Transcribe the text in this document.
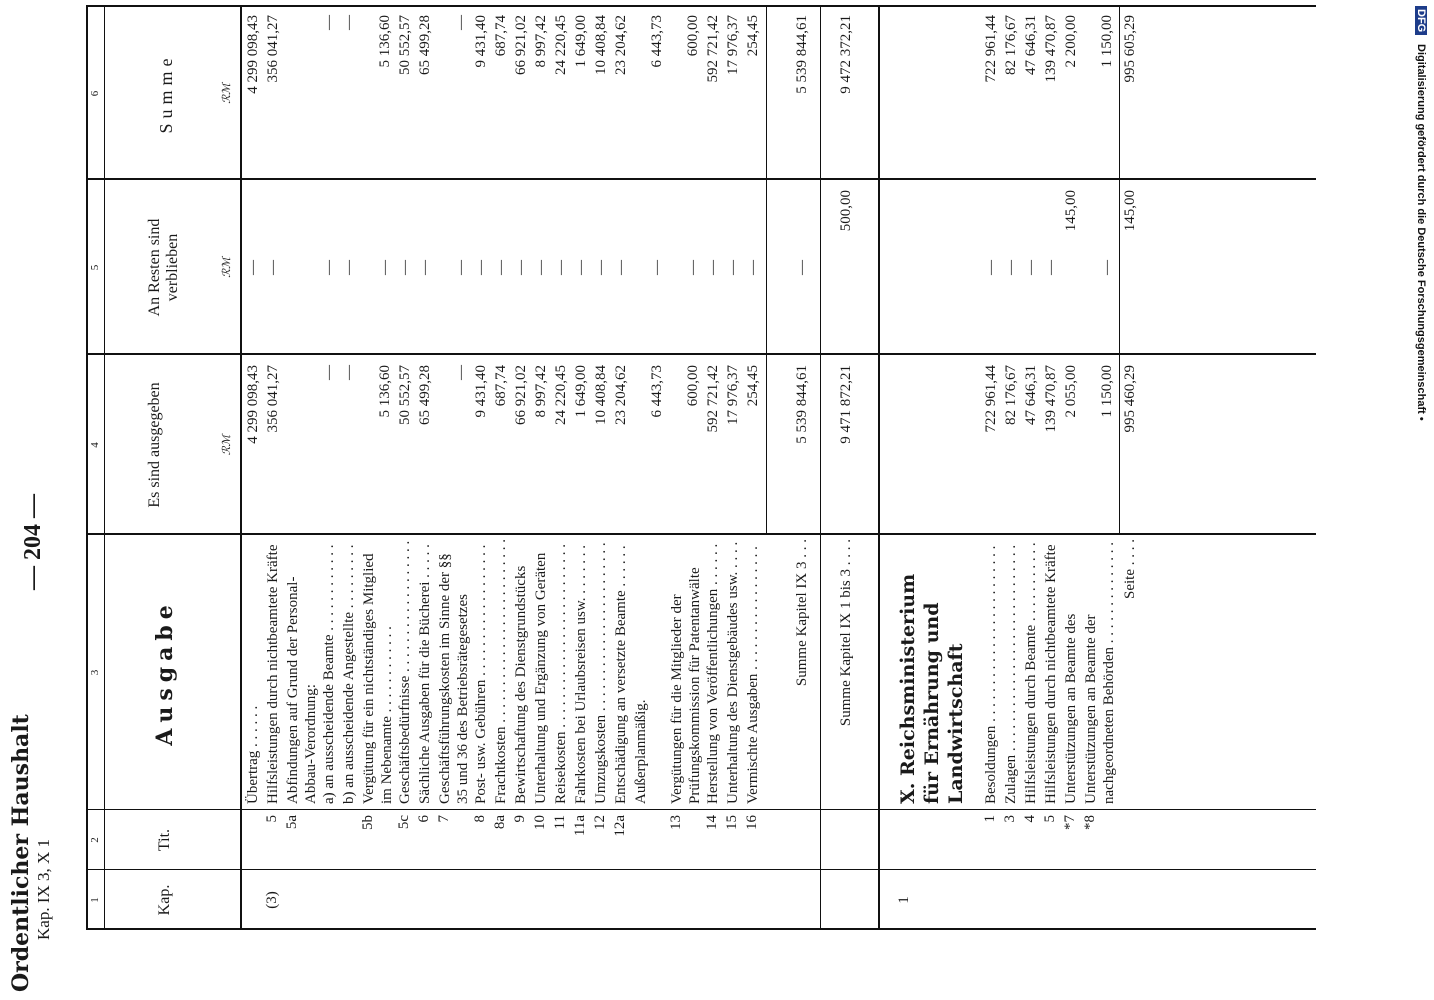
Ordentlicher Haushalt Kap. IX 3, X 1
— 204 —
1
2
3
4
5
6
Kap.
Tit.
Ausgabe
Es sind ausgegeben
An Resten sind verblieben
Summe
ℛℳ
ℛℳ
ℛℳ
Übertrag . . . . . .
4 299 098,43
—
4 299 098,43
(3)
5
Hilfsleistungen durch nichtbeamtete Kräfte
356 041,27
—
356 041,27
5a
Abfindungen auf Grund der Personal-Abbau-Verordnung: a) an ausscheidende Beamte . . . . . . . . . . . .
—
—
—
b) an ausscheidende Angestellte . . . . . . . . .
—
—
—
5b
Vergütung für ein nichtständiges Mitglied im Nebenamte . . . . . . . . . . . .
5 136,60
—
5 136,60
5c
Geschäftsbedürfnisse . . . . . . . . . . . . . . . . . .
50 552,57
—
50 552,57
6
Sächliche Ausgaben für die Bücherei . . . . .
65 499,28
—
65 499,28
7
Geschäftsführungskosten im Sinne der §§ 35 und 36 des Betriebsrätegesetzes
—
—
—
8
Post- usw. Gebühren . . . . . . . . . . . . . . . . . .
9 431,40
—
9 431,40
8a
Frachtkosten . . . . . . . . . . . . . . . . . . . . . . . . .
687,74
—
687,74
9
Bewirtschaftung des Dienstgrundstücks
66 921,02
—
66 921,02
10
Unterhaltung und Ergänzung von Geräten
8 997,42
—
8 997,42
11
Reisekosten . . . . . . . . . . . . . . . . . . . . . . . . .
24 220,45
—
24 220,45
11a
Fahrkosten bei Urlaubsreisen usw. . . . . . . .
1 649,00
—
1 649,00
12
Umzugskosten . . . . . . . . . . . . . . . . . . . . . . .
10 408,84
—
10 408,84
12a
Entschädigung an versetzte Beamte . . . . . .
23 204,62
—
23 204,62
Außerplanmäßig.
6 443,73
—
6 443,73
13
Vergütungen für die Mitglieder der Prüfungskommission für Patentanwälte
600,00
—
600,00
14
Herstellung von Veröffentlichungen . . . . . .
592 721,42
—
592 721,42
15
Unterhaltung des Dienstgebäudes usw. . . . .
17 976,37
—
17 976,37
16
Vermischte Ausgaben . . . . . . . . . . . . . . . . .
254,45
—
254,45
Summe Kapitel IX 3 . . .
5 539 844,61
—
5 539 844,61
Summe Kapitel IX 1 bis 3 . . . .
9 471 872,21
500,00
9 472 372,21
1
X. Reichsministerium für Ernährung und Landwirtschaft
1
Besoldungen . . . . . . . . . . . . . . . . . . . . . . . .
722 961,44
—
722 961,44
3
Zulagen . . . . . . . . . . . . . . . . . . . . . . . . . . . .
82 176,67
—
82 176,67
4
Hilfsleistungen durch Beamte . . . . . . . . . . .
47 646,31
—
47 646,31
5
Hilfsleistungen durch nichtbeamtete Kräfte
139 470,87
—
139 470,87
*7
Unterstützungen an Beamte des
2 055,00
145,00
2 200,00
*8
Unterstützungen an Beamte der nachgeordneten Behörden . . . . . . . . . . . . . .
1 150,00
—
1 150,00
Seite . . . .
995 460,29
145,00
995 605,29	DFG
Digitalisierung gefördert durch die Deutsche Forschungsgemeinschaft •
